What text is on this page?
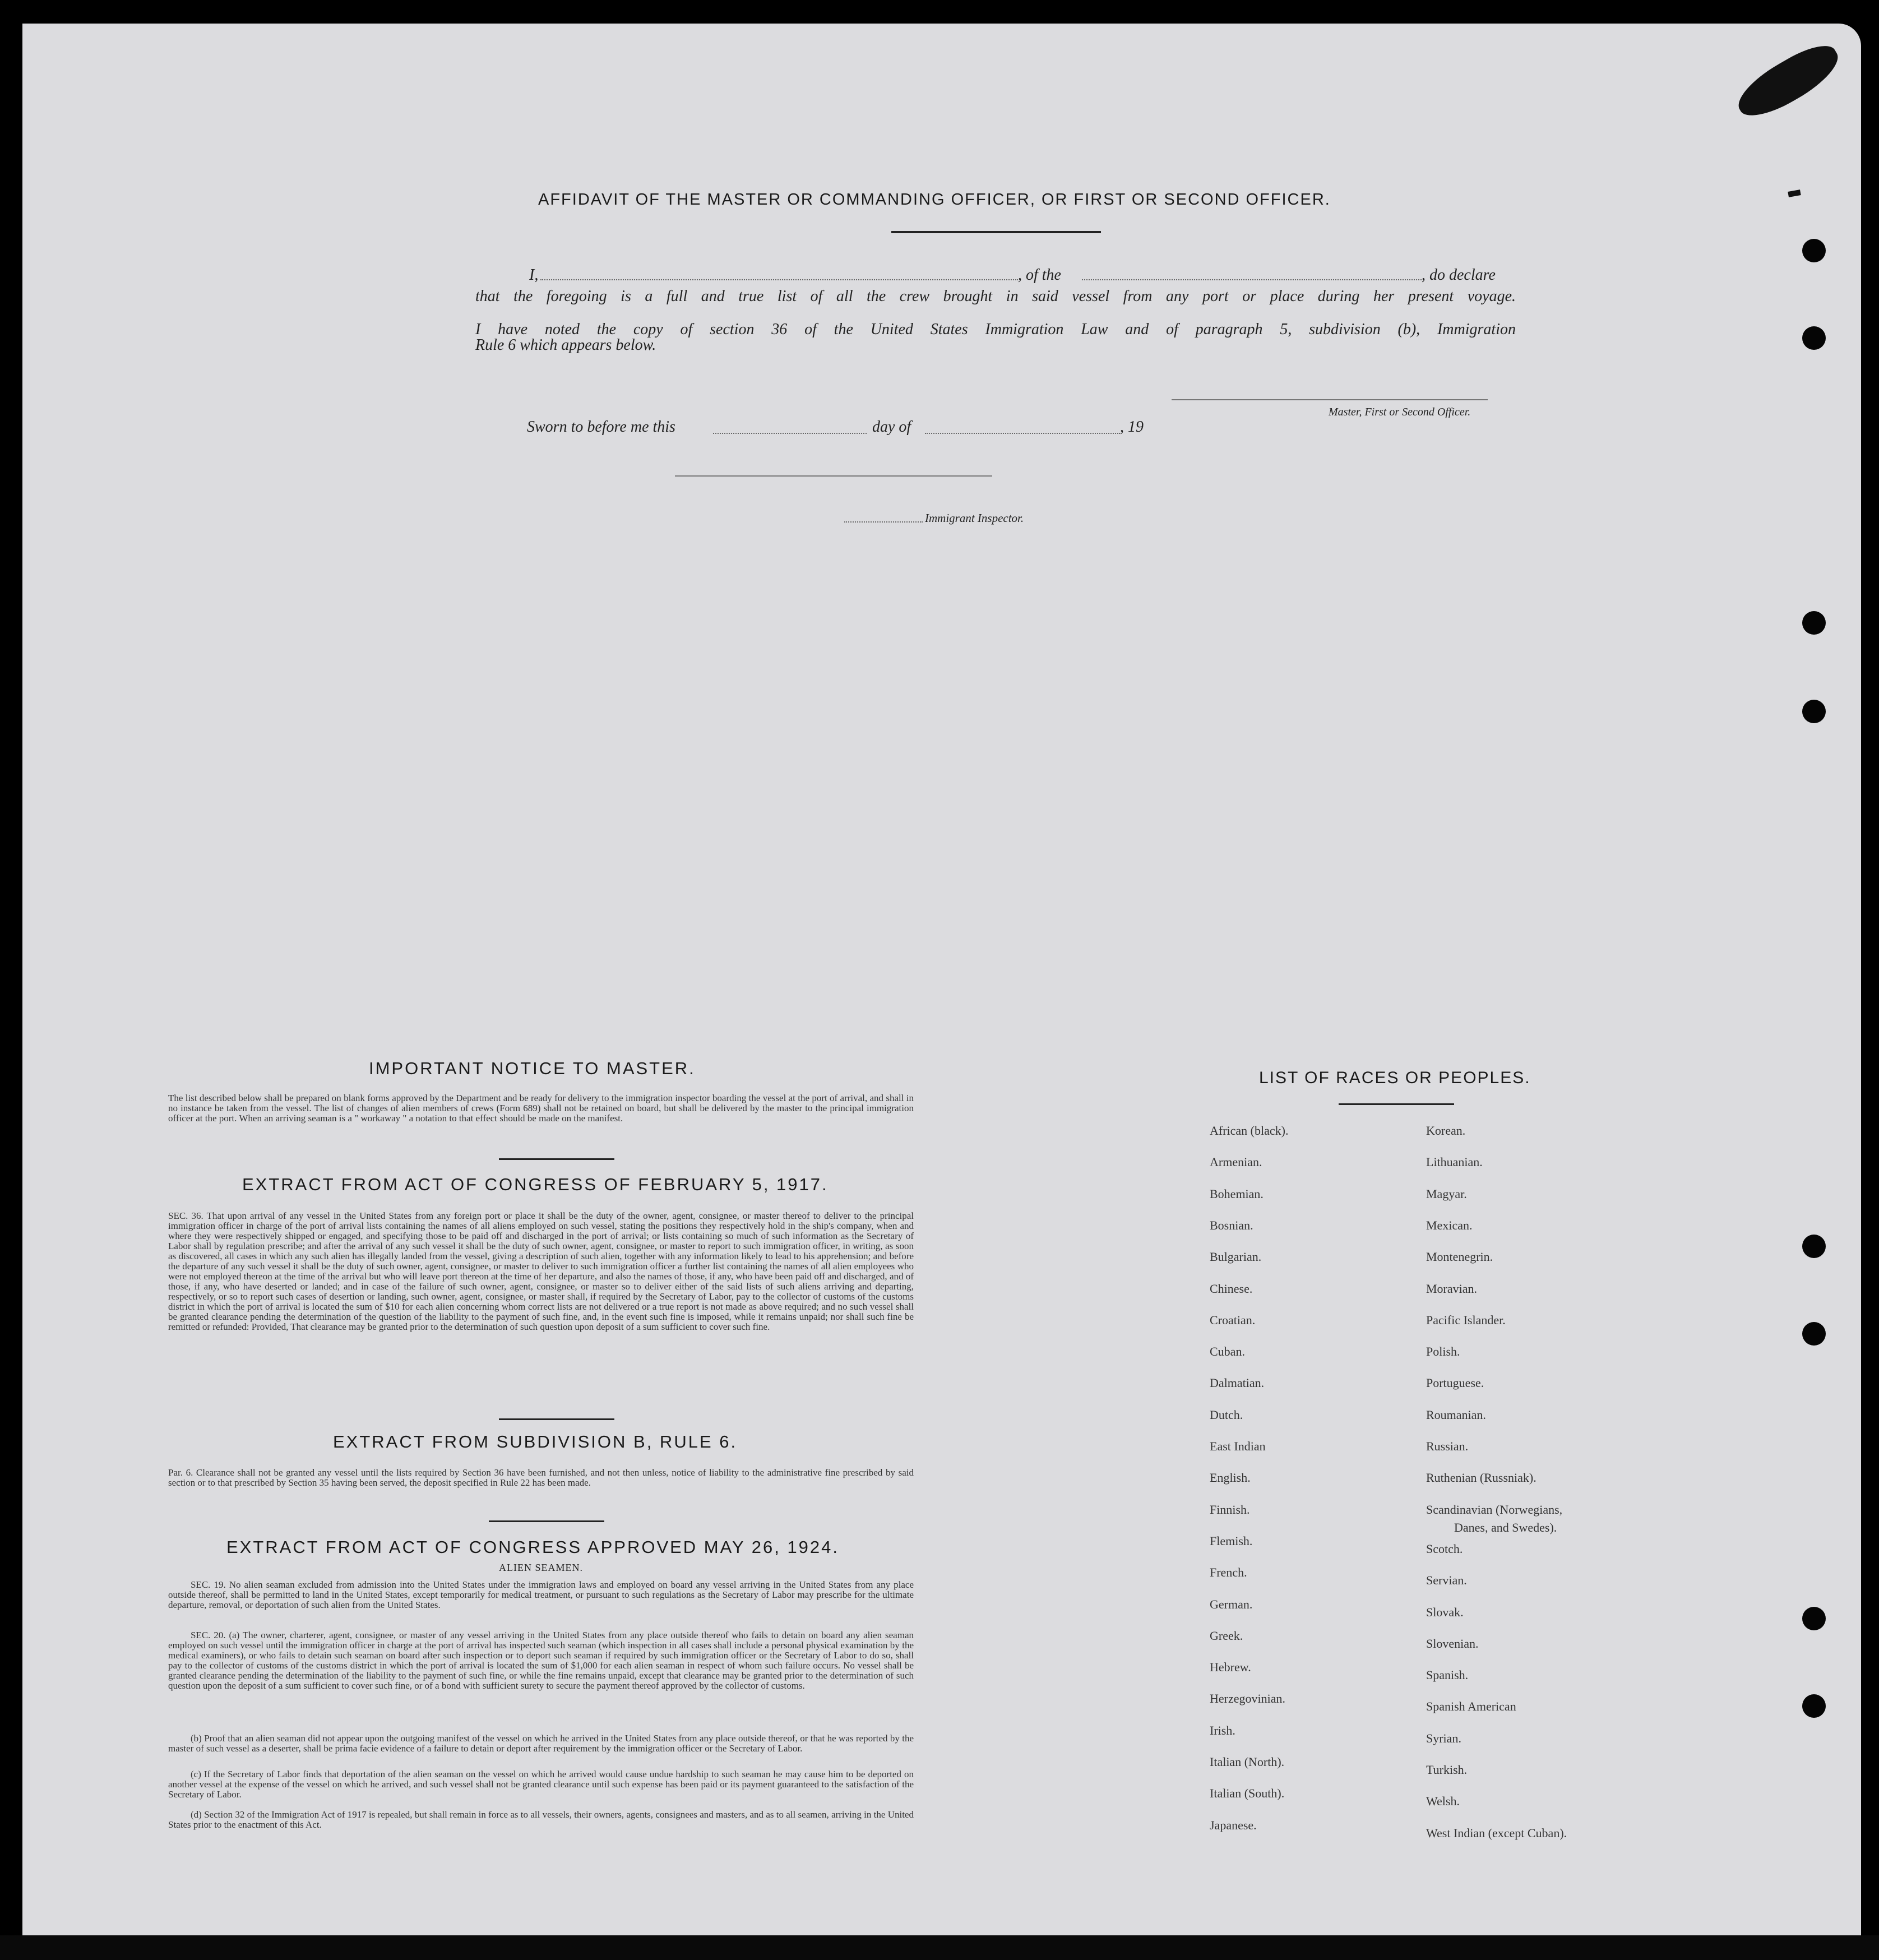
AFFIDAVIT OF THE MASTER OR COMMANDING OFFICER, OR FIRST OR SECOND OFFICER.
I,	, of the	, do declare
that the foregoing is a full and true list of all the crew brought in said vessel from any port or place during her present voyage.
I have noted the copy of section 36 of the United States Immigration Law and of paragraph 5, subdivision (b), Immigration
Rule 6 which appears below.
Master, First or Second Officer.
Sworn to before me this	day of	, 19
Immigrant Inspector.
IMPORTANT NOTICE TO MASTER.
The list described below shall be prepared on blank forms approved by the Department and be ready for delivery to the immigration inspector boarding the vessel at the port of arrival, and shall in no instance be taken from the vessel. The list of changes of alien members of crews (Form 689) shall not be retained on board, but shall be delivered by the master to the principal immigration officer at the port. When an arriving seaman is a " workaway " a notation to that effect should be made on the manifest.
EXTRACT FROM ACT OF CONGRESS OF FEBRUARY 5, 1917.
SEC. 36. That upon arrival of any vessel in the United States from any foreign port or place it shall be the duty of the owner, agent, consignee, or master thereof to deliver to the principal immigration officer in charge of the port of arrival lists containing the names of all aliens employed on such vessel, stating the positions they respectively hold in the ship's company, when and where they were respectively shipped or engaged, and specifying those to be paid off and discharged in the port of arrival; or lists containing so much of such information as the Secretary of Labor shall by regulation prescribe; and after the arrival of any such vessel it shall be the duty of such owner, agent, consignee, or master to report to such immigration officer, in writing, as soon as discovered, all cases in which any such alien has illegally landed from the vessel, giving a description of such alien, together with any information likely to lead to his apprehension; and before the departure of any such vessel it shall be the duty of such owner, agent, consignee, or master to deliver to such immigration officer a further list containing the names of all alien employees who were not employed thereon at the time of the arrival but who will leave port thereon at the time of her departure, and also the names of those, if any, who have been paid off and discharged, and of those, if any, who have deserted or landed; and in case of the failure of such owner, agent, consignee, or master so to deliver either of the said lists of such aliens arriving and departing, respectively, or so to report such cases of desertion or landing, such owner, agent, consignee, or master shall, if required by the Secretary of Labor, pay to the collector of customs of the customs district in which the port of arrival is located the sum of $10 for each alien concerning whom correct lists are not delivered or a true report is not made as above required; and no such vessel shall be granted clearance pending the determination of the question of the liability to the payment of such fine, and, in the event such fine is imposed, while it remains unpaid; nor shall such fine be remitted or refunded: Provided, That clearance may be granted prior to the determination of such question upon deposit of a sum sufficient to cover such fine.
EXTRACT FROM SUBDIVISION B, RULE 6.
Par. 6. Clearance shall not be granted any vessel until the lists required by Section 36 have been furnished, and not then unless, notice of liability to the administrative fine prescribed by said section or to that prescribed by Section 35 having been served, the deposit specified in Rule 22 has been made.
EXTRACT FROM ACT OF CONGRESS APPROVED MAY 26, 1924.
ALIEN SEAMEN.
SEC. 19. No alien seaman excluded from admission into the United States under the immigration laws and employed on board any vessel arriving in the United States from any place outside thereof, shall be permitted to land in the United States, except temporarily for medical treatment, or pursuant to such regulations as the Secretary of Labor may prescribe for the ultimate departure, removal, or deportation of such alien from the United States.
SEC. 20. (a) The owner, charterer, agent, consignee, or master of any vessel arriving in the United States from any place outside thereof who fails to detain on board any alien seaman employed on such vessel until the immigration officer in charge at the port of arrival has inspected such seaman (which inspection in all cases shall include a personal physical examination by the medical examiners), or who fails to detain such seaman on board after such inspection or to deport such seaman if required by such immigration officer or the Secretary of Labor to do so, shall pay to the collector of customs of the customs district in which the port of arrival is located the sum of $1,000 for each alien seaman in respect of whom such failure occurs. No vessel shall be granted clearance pending the determination of the liability to the payment of such fine, or while the fine remains unpaid, except that clearance may be granted prior to the determination of such question upon the deposit of a sum sufficient to cover such fine, or of a bond with sufficient surety to secure the payment thereof approved by the collector of customs.
(b) Proof that an alien seaman did not appear upon the outgoing manifest of the vessel on which he arrived in the United States from any place outside thereof, or that he was reported by the master of such vessel as a deserter, shall be prima facie evidence of a failure to detain or deport after requirement by the immigration officer or the Secretary of Labor.
(c) If the Secretary of Labor finds that deportation of the alien seaman on the vessel on which he arrived would cause undue hardship to such seaman he may cause him to be deported on another vessel at the expense of the vessel on which he arrived, and such vessel shall not be granted clearance until such expense has been paid or its payment guaranteed to the satisfaction of the Secretary of Labor.
(d) Section 32 of the Immigration Act of 1917 is repealed, but shall remain in force as to all vessels, their owners, agents, consignees and masters, and as to all seamen, arriving in the United States prior to the enactment of this Act.
LIST OF RACES OR PEOPLES.
African (black).
Armenian.
Bohemian.
Bosnian.
Bulgarian.
Chinese.
Croatian.
Cuban.
Dalmatian.
Dutch.
East Indian
English.
Finnish.
Flemish.
French.
German.
Greek.
Hebrew.
Herzegovinian.
Irish.
Italian (North).
Italian (South).
Japanese.
Korean.
Lithuanian.
Magyar.
Mexican.
Montenegrin.
Moravian.
Pacific Islander.
Polish.
Portuguese.
Roumanian.
Russian.
Ruthenian (Russniak).
Scandinavian (Norwegians,
Scotch.
Servian.
Slovak.
Slovenian.
Spanish.
Spanish American
Syrian.
Turkish.
Welsh.
West Indian (except Cuban).
Danes, and Swedes).
